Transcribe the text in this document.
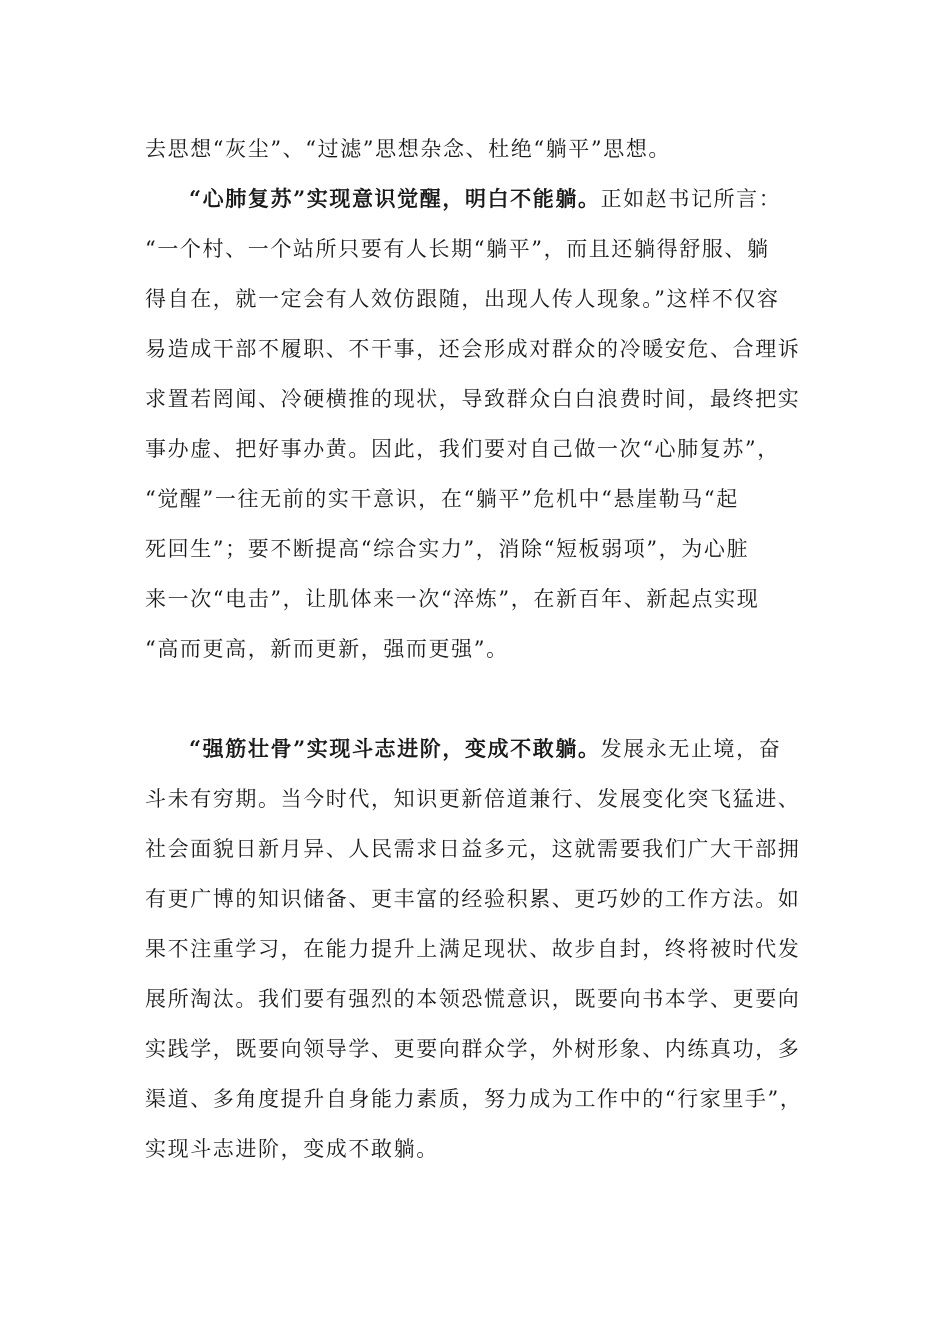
去思想“灰尘”、“过滤”思想杂念、杜绝“躺平”思想。
“心肺复苏”实现意识觉醒，明白不能躺。正如赵书记所言：
“一个村、一个站所只要有人长期“躺平”，而且还躺得舒服、躺
得自在，就一定会有人效仿跟随，出现人传人现象。”这样不仅容
易造成干部不履职、不干事，还会形成对群众的冷暖安危、合理诉
求置若罔闻、冷硬横推的现状，导致群众白白浪费时间，最终把实
事办虚、把好事办黄。因此，我们要对自己做一次“心肺复苏”，
“觉醒”一往无前的实干意识，在“躺平”危机中“悬崖勒马“起
死回生”；要不断提高“综合实力”，消除“短板弱项”，为心脏
来一次“电击”，让肌体来一次“淬炼”，在新百年、新起点实现
“高而更高，新而更新，强而更强”。
“强筋壮骨”实现斗志进阶，变成不敢躺。发展永无止境，奋
斗未有穷期。当今时代，知识更新倍道兼行、发展变化突飞猛进、
社会面貌日新月异、人民需求日益多元，这就需要我们广大干部拥
有更广博的知识储备、更丰富的经验积累、更巧妙的工作方法。如
果不注重学习，在能力提升上满足现状、故步自封，终将被时代发
展所淘汰。我们要有强烈的本领恐慌意识，既要向书本学、更要向
实践学，既要向领导学、更要向群众学，外树形象、内练真功，多
渠道、多角度提升自身能力素质，努力成为工作中的“行家里手”，
实现斗志进阶，变成不敢躺。
